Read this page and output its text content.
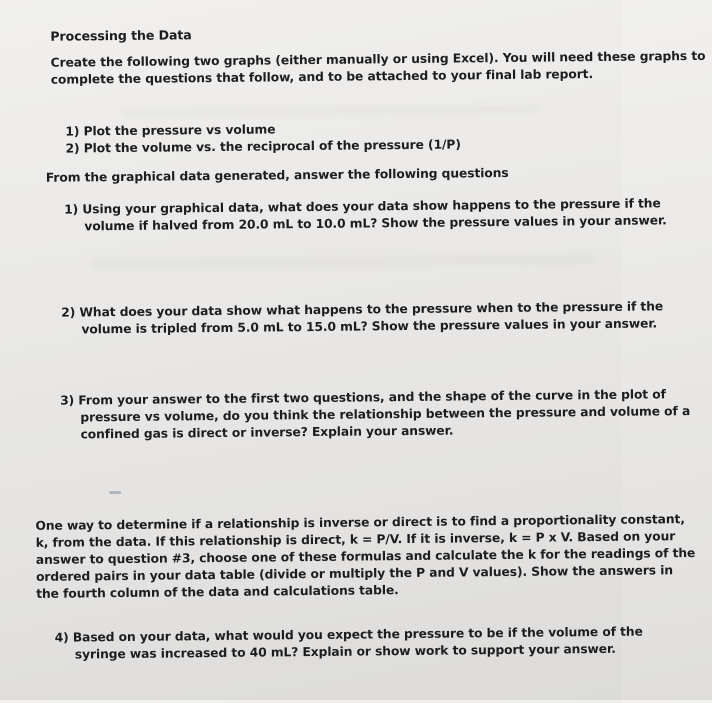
Processing the Data

Create the following two graphs (either manually or using Excel). You will need these graphs to

complete the questions that follow, and to be attached to your final lab report.

1) Plot the pressure vs volume

2) Plot the volume vs. the reciprocal of the pressure (1/P)

From the graphical data generated, answer the following questions

1) Using your graphical data, what does your data show happens to the pressure if the

volume if halved from 20.0 mL to 10.0 mL? Show the pressure values in your answer.

2) What does your data show what happens to the pressure when to the pressure if the

volume is tripled from 5.0 mL to 15.0 mL? Show the pressure values in your answer.

3) From your answer to the first two questions, and the shape of the curve in the plot of

pressure vs volume, do you think the relationship between the pressure and volume of a

confined gas is direct or inverse? Explain your answer.

One way to determine if a relationship is inverse or direct is to find a proportionality constant,

k, from the data. If this relationship is direct, k = P/V. If it is inverse, k = P x V. Based on your

answer to question #3, choose one of these formulas and calculate the k for the readings of the

ordered pairs in your data table (divide or multiply the P and V values). Show the answers in

the fourth column of the data and calculations table.

4) Based on your data, what would you expect the pressure to be if the volume of the

syringe was increased to 40 mL? Explain or show work to support your answer.
